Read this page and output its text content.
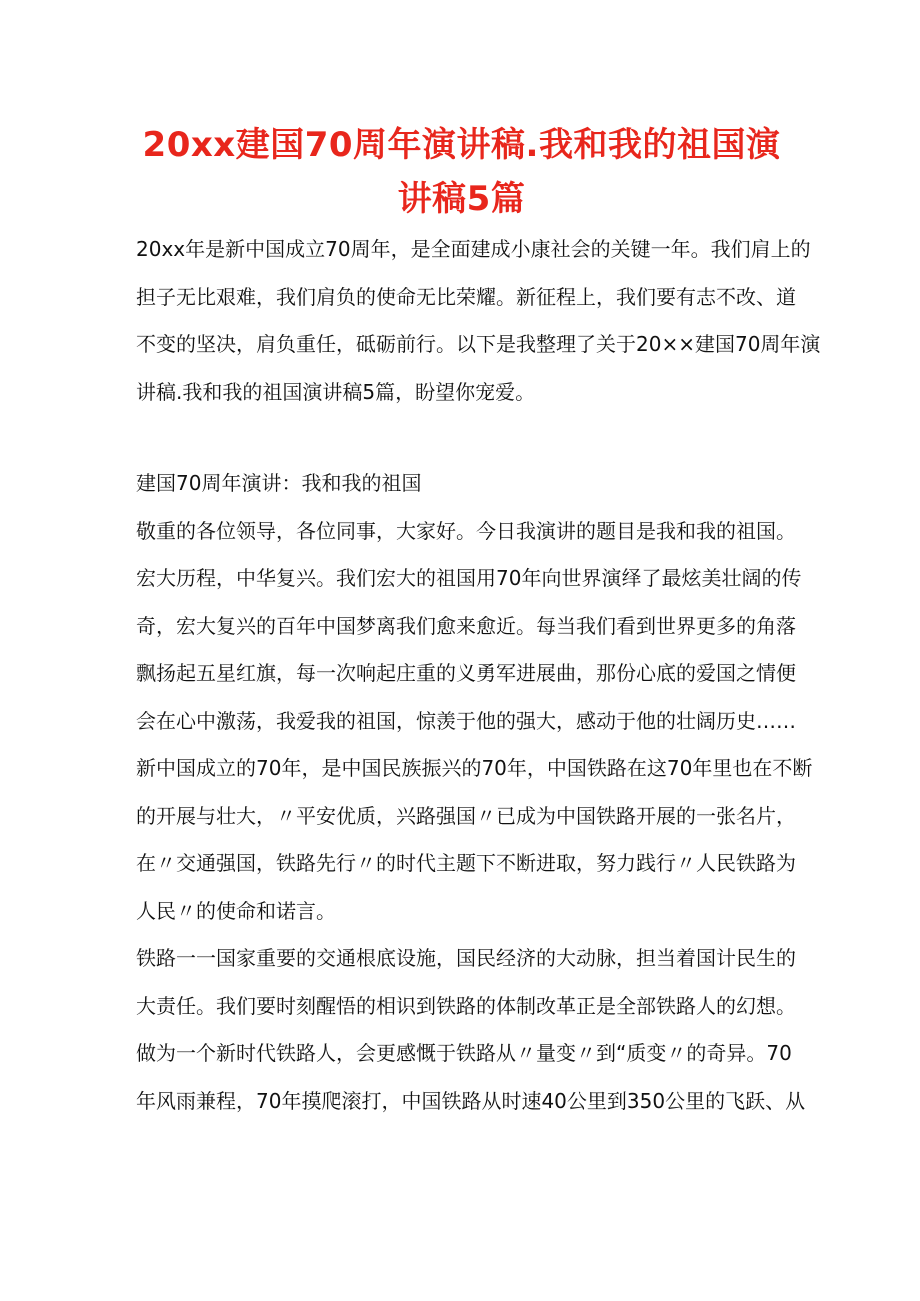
20xx建国70周年演讲稿.我和我的祖国演
讲稿5篇
20xx年是新中国成立70周年，是全面建成小康社会的关键一年。我们肩上的
担子无比艰难，我们肩负的使命无比荣耀。新征程上，我们要有志不改、道
不变的坚决，肩负重任，砥砺前行。以下是我整理了关于20××建国70周年演
讲稿.我和我的祖国演讲稿5篇，盼望你宠爱。
建国70周年演讲：我和我的祖国
敬重的各位领导，各位同事，大家好。今日我演讲的题目是我和我的祖国。
宏大历程，中华复兴。我们宏大的祖国用70年向世界演绎了最炫美壮阔的传
奇，宏大复兴的百年中国梦离我们愈来愈近。每当我们看到世界更多的角落
飘扬起五星红旗，每一次响起庄重的义勇军进展曲，那份心底的爱国之情便
会在心中激荡，我爱我的祖国，惊羡于他的强大，感动于他的壮阔历史……
新中国成立的70年，是中国民族振兴的70年，中国铁路在这70年里也在不断
的开展与壮大，〃平安优质，兴路强国〃已成为中国铁路开展的一张名片，
在〃交通强国，铁路先行〃的时代主题下不断进取，努力践行〃人民铁路为
人民〃的使命和诺言。
铁路一一国家重要的交通根底设施，国民经济的大动脉，担当着国计民生的
大责任。我们要时刻醒悟的相识到铁路的体制改革正是全部铁路人的幻想。
做为一个新时代铁路人，会更感慨于铁路从〃量变〃到“质变〃的奇异。70
年风雨兼程，70年摸爬滚打，中国铁路从时速40公里到350公里的飞跃、从
